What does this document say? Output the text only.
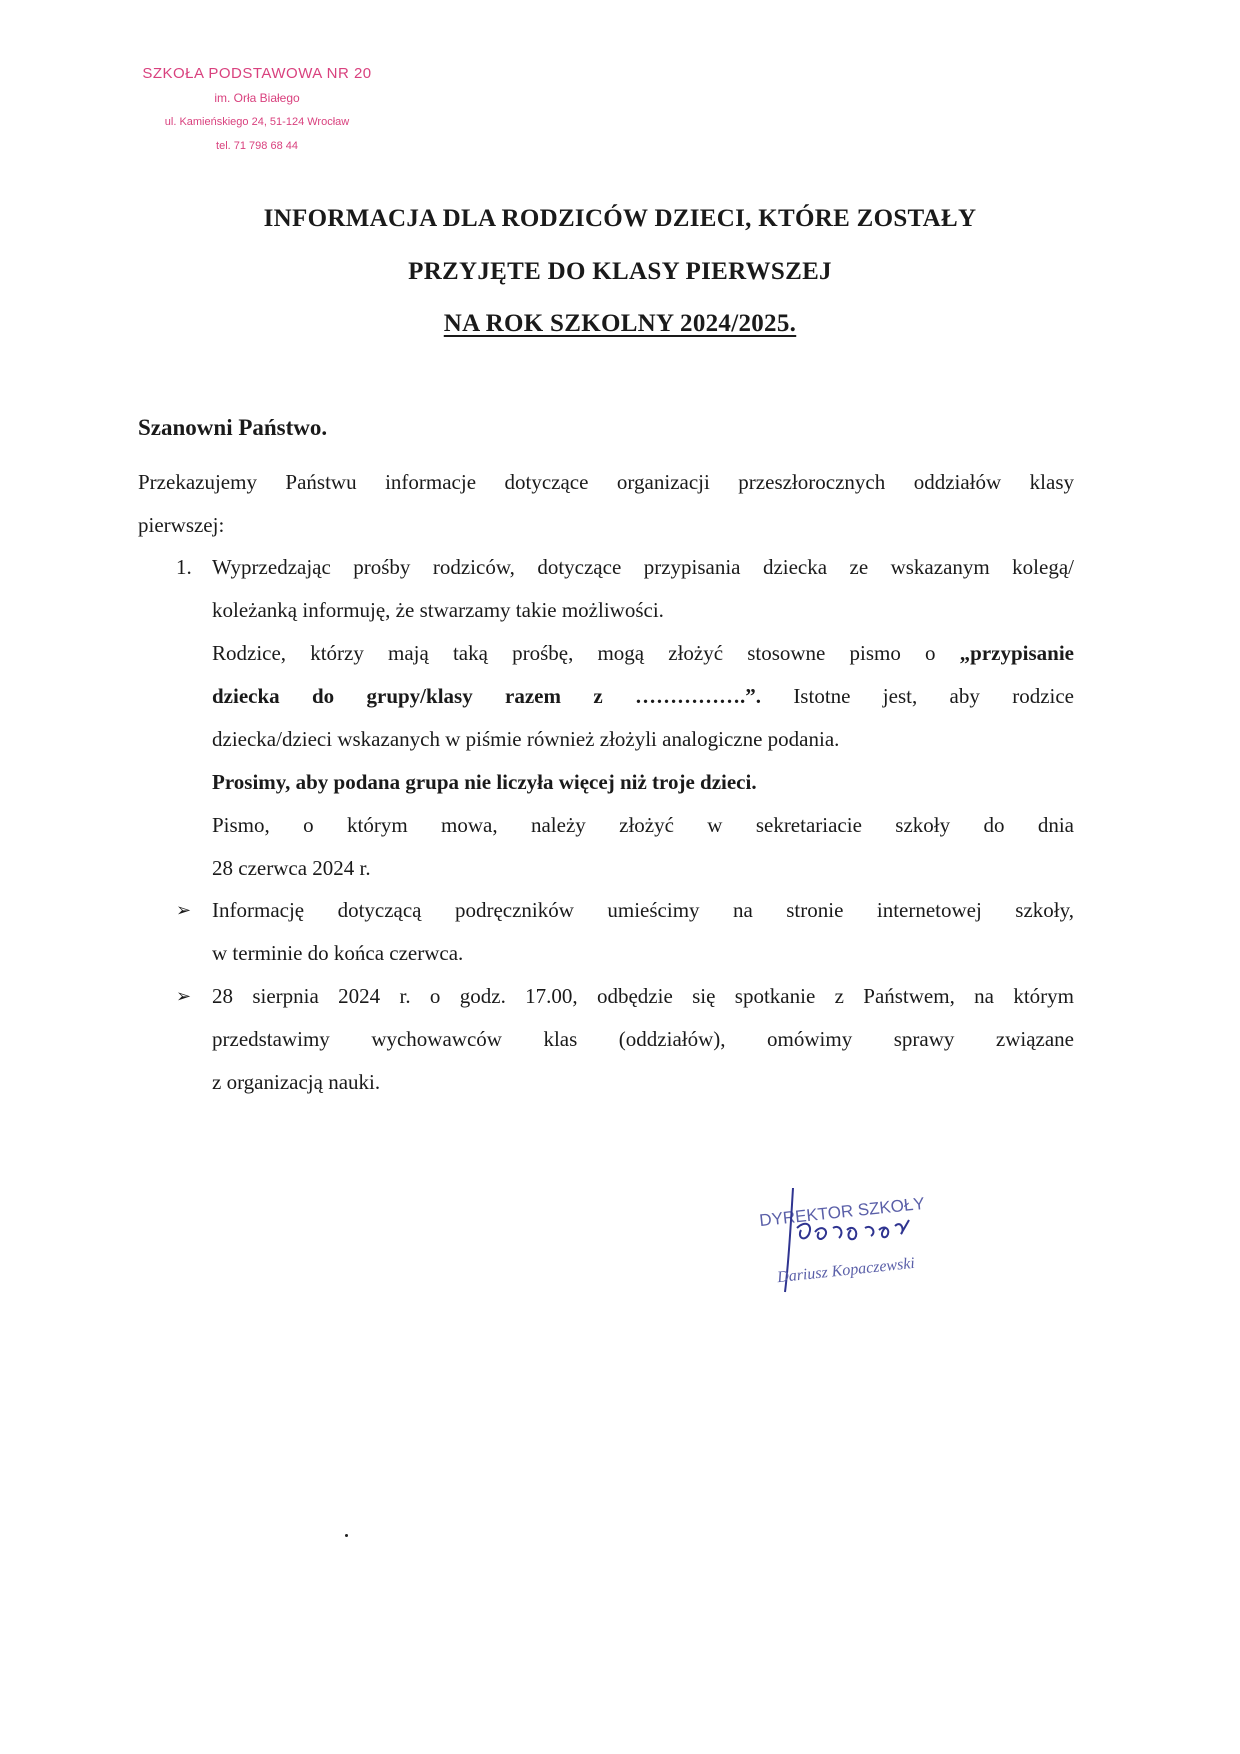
SZKOŁA PODSTAWOWA NR 20
im. Orła Białego
ul. Kamieńskiego 24, 51-124 Wrocław
tel. 71 798 68 44
INFORMACJA DLA RODZICÓW DZIECI, KTÓRE ZOSTAŁY
PRZYJĘTE DO KLASY PIERWSZEJ
NA ROK SZKOLNY 2024/2025.
Szanowni Państwo.
Przekazujemy Państwu informacje dotyczące organizacji przeszłorocznych oddziałów klasy
pierwszej:
1. Wyprzedzając prośby rodziców, dotyczące przypisania dziecka ze wskazanym kolegą/
koleżanką informuję, że stwarzamy takie możliwości.
Rodzice, którzy mają taką prośbę, mogą złożyć stosowne pismo o „przypisanie
dziecka do grupy/klasy razem z …………….”. Istotne jest, aby rodzice
dziecka/dzieci wskazanych w piśmie również złożyli analogiczne podania.
Prosimy, aby podana grupa nie liczyła więcej niż troje dzieci.
Pismo, o którym mowa, należy złożyć w sekretariacie szkoły do dnia
28 czerwca 2024 r.
➢ Informację dotyczącą podręczników umieścimy na stronie internetowej szkoły,
w terminie do końca czerwca.
➢ 28 sierpnia 2024 r. o godz. 17.00, odbędzie się spotkanie z Państwem, na którym
przedstawimy wychowawców klas (oddziałów), omówimy sprawy związane
z organizacją nauki.
DYREKTOR SZKOŁY
Dariusz Kopaczewski
